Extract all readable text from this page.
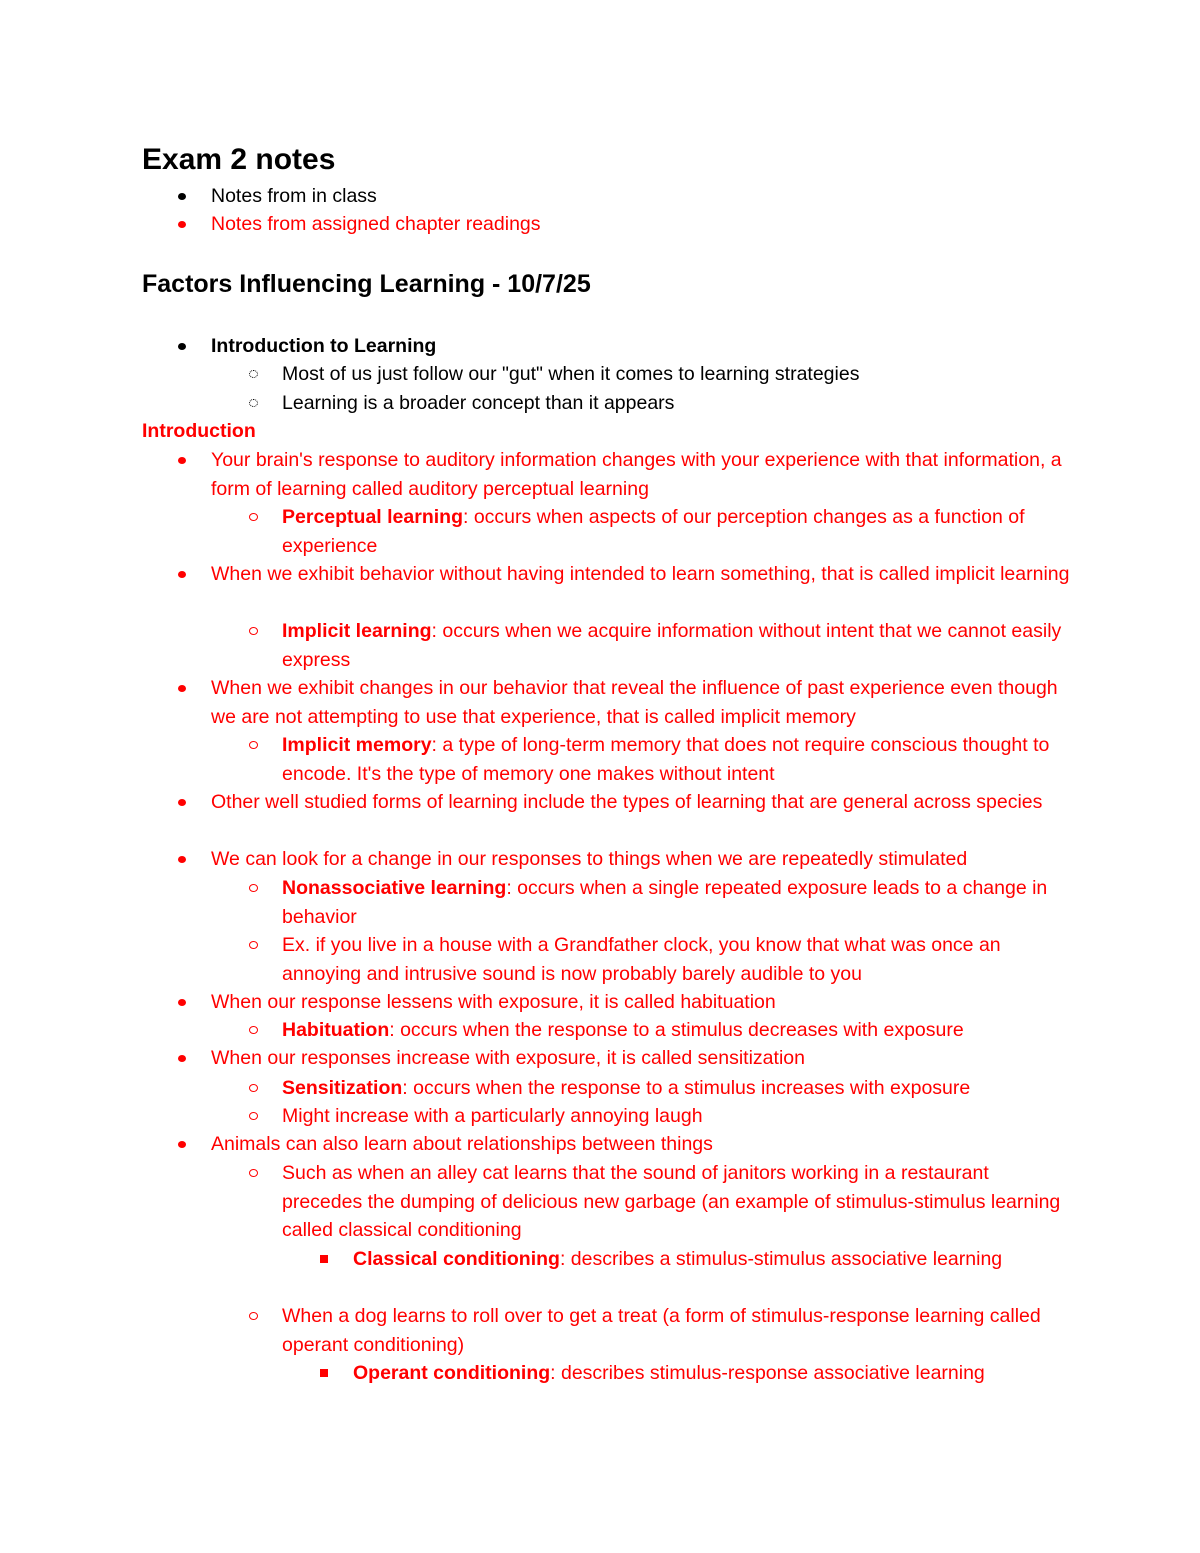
Exam 2 notes
Notes from in class
Notes from assigned chapter readings
Factors Influencing Learning - 10/7/25
Introduction to Learning
Most of us just follow our "gut" when it comes to learning strategies
Learning is a broader concept than it appears
Introduction
Your brain's response to auditory information changes with your experience with that information, a form of learning called auditory perceptual learning
Perceptual learning: occurs when aspects of our perception changes as a function of experience
When we exhibit behavior without having intended to learn something, that is called implicit learning
Implicit learning: occurs when we acquire information without intent that we cannot easily express
When we exhibit changes in our behavior that reveal the influence of past experience even though we are not attempting to use that experience, that is called implicit memory
Implicit memory: a type of long-term memory that does not require conscious thought to encode. It's the type of memory one makes without intent
Other well studied forms of learning include the types of learning that are general across species
We can look for a change in our responses to things when we are repeatedly stimulated
Nonassociative learning: occurs when a single repeated exposure leads to a change in behavior
Ex. if you live in a house with a Grandfather clock, you know that what was once an annoying and intrusive sound is now probably barely audible to you
When our response lessens with exposure, it is called habituation
Habituation: occurs when the response to a stimulus decreases with exposure
When our responses increase with exposure, it is called sensitization
Sensitization: occurs when the response to a stimulus increases with exposure
Might increase with a particularly annoying laugh
Animals can also learn about relationships between things
Such as when an alley cat learns that the sound of janitors working in a restaurant precedes the dumping of delicious new garbage (an example of stimulus-stimulus learning called classical conditioning
Classical conditioning: describes a stimulus-stimulus associative learning
When a dog learns to roll over to get a treat (a form of stimulus-response learning called operant conditioning)
Operant conditioning: describes stimulus-response associative learning
